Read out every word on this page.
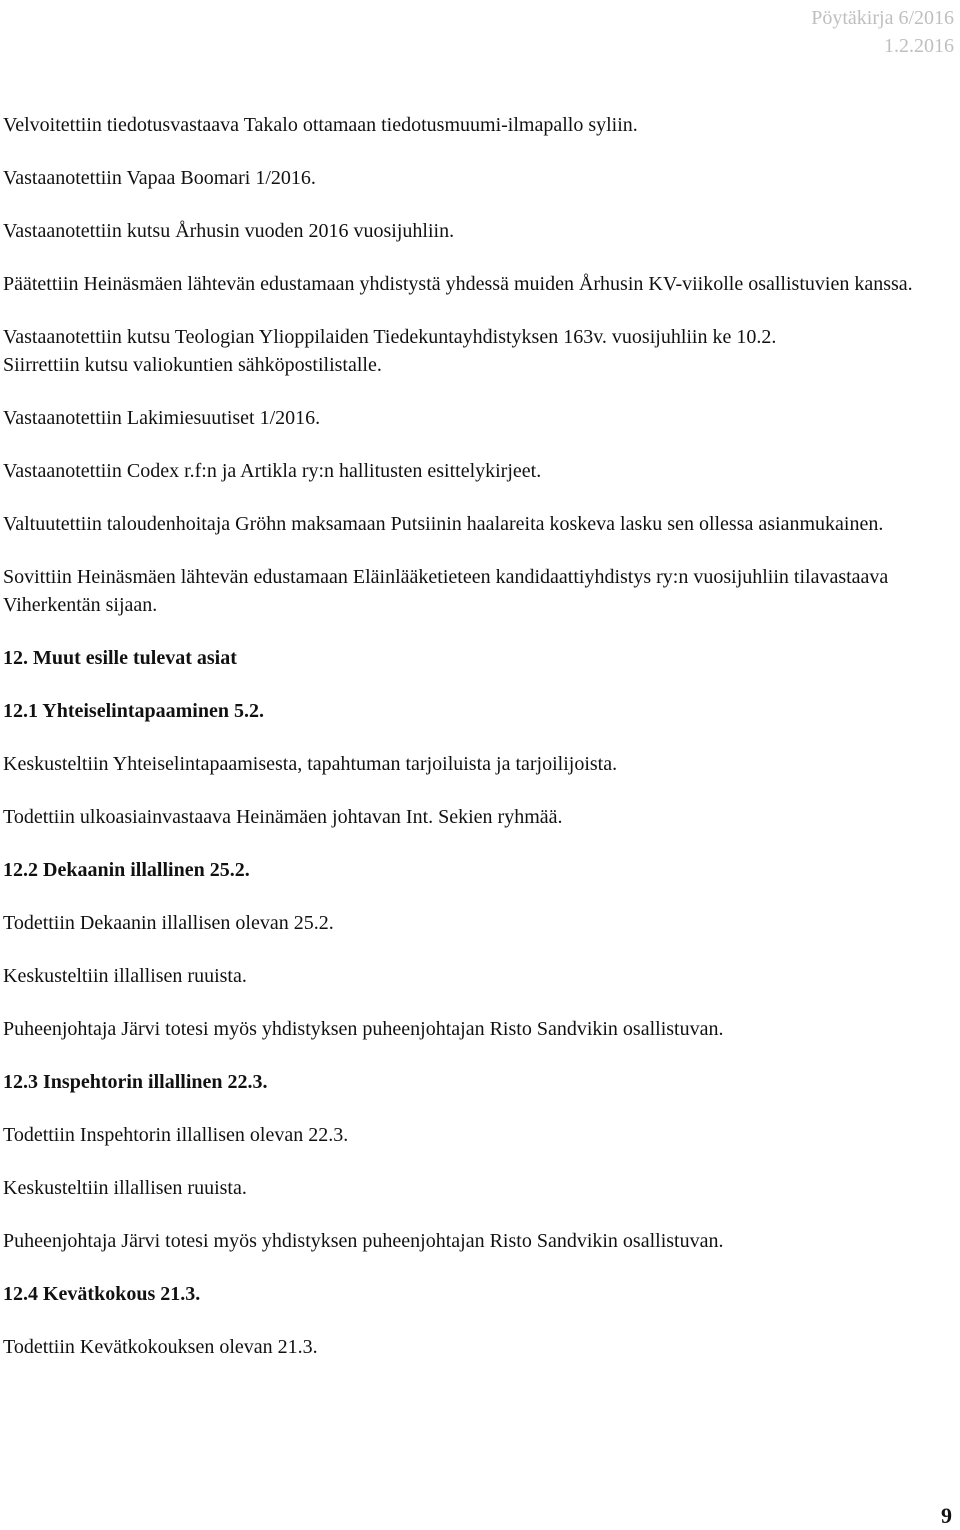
Pöytäkirja 6/2016
1.2.2016

Velvoitettiin tiedotusvastaava Takalo ottamaan tiedotusmuumi-ilmapallo syliin.

Vastaanotettiin Vapaa Boomari 1/2016.

Vastaanotettiin kutsu Århusin vuoden 2016 vuosijuhliin.

Päätettiin Heinäsmäen lähtevän edustamaan yhdistystä yhdessä muiden Århusin KV-viikolle osallistuvien kanssa.

Vastaanotettiin kutsu Teologian Ylioppilaiden Tiedekuntayhdistyksen 163v. vuosijuhliin ke 10.2.

Siirrettiin kutsu valiokuntien sähköpostilistalle.

Vastaanotettiin Lakimiesuutiset 1/2016.

Vastaanotettiin Codex r.f:n ja Artikla ry:n hallitusten esittelykirjeet.

Valtuutettiin taloudenhoitaja Gröhn maksamaan Putsiinin haalareita koskeva lasku sen ollessa asianmukainen.

Sovittiin Heinäsmäen lähtevän edustamaan Eläinlääketieteen kandidaattiyhdistys ry:n vuosijuhliin tilavastaava Viherkentän sijaan.

12. Muut esille tulevat asiat
12.1 Yhteiselintapaaminen 5.2.

Keskusteltiin Yhteiselintapaamisesta, tapahtuman tarjoiluista ja tarjoilijoista.

Todettiin ulkoasiainvastaava Heinämäen johtavan Int. Sekien ryhmää.

12.2 Dekaanin illallinen 25.2.

Todettiin Dekaanin illallisen olevan 25.2.

Keskusteltiin illallisen ruuista.

Puheenjohtaja Järvi totesi myös yhdistyksen puheenjohtajan Risto Sandvikin osallistuvan.

12.3 Inspehtorin illallinen 22.3.

Todettiin Inspehtorin illallisen olevan 22.3.

Keskusteltiin illallisen ruuista.

Puheenjohtaja Järvi totesi myös yhdistyksen puheenjohtajan Risto Sandvikin osallistuvan.

12.4 Kevätkokous 21.3.

Todettiin Kevätkokouksen olevan 21.3.

9
